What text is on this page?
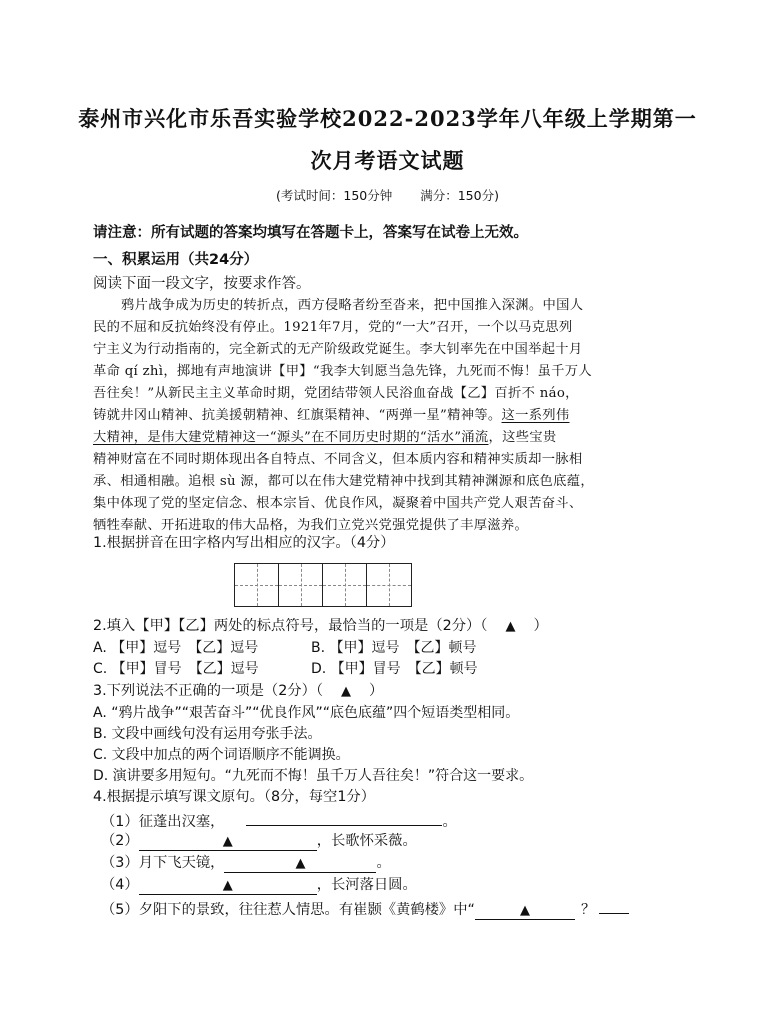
泰州市兴化市乐吾实验学校2022-2023学年八年级上学期第一
次月考语文试题
(考试时间：150分钟 满分：150分)
请注意：所有试题的答案均填写在答题卡上，答案写在试卷上无效。
一、积累运用（共24分）
阅读下面一段文字，按要求作答。
鸦片战争成为历史的转折点，西方侵略者纷至沓来，把中国推入深渊。中国人
民的不屈和反抗始终没有停止。1921年7月，党的“一大”召开，一个以马克思列
宁主义为行动指南的，完全新式的无产阶级政党诞生。李大钊率先在中国举起十月
革命 qí zhì，掷地有声地演讲【甲】“我李大钊愿当急先锋，九死而不悔！虽千万人
吾往矣！”从新民主主义革命时期，党团结带领人民浴血奋战【乙】百折不 náo，
铸就井冈山精神、抗美援朝精神、红旗渠精神、“两弹一星”精神等。这一系列伟
大精神，是伟大建党精神这一“源头”在不同历史时期的“活水”涌流，这些宝贵
精神财富在不同时期体现出各自特点、不同含义，但本质内容和精神实质却一脉相
承、相通相融。追根 sù 源，都可以在伟大建党精神中找到其精神渊源和底色底蕴，
集中体现了党的坚定信念、根本宗旨、优良作风，凝聚着中国共产党人艰苦奋斗、
牺牲奉献、开拓进取的伟大品格，为我们立党兴党强党提供了丰厚滋养。
1.根据拼音在田字格内写出相应的汉字。（4分）
2.填入【甲】【乙】两处的标点符号，最恰当的一项是（2分）（ ▲ ）
A. 【甲】逗号　【乙】逗号	B. 【甲】逗号　【乙】顿号
C. 【甲】冒号　【乙】逗号	D. 【甲】冒号　【乙】顿号
3.下列说法不正确的一项是（2分）（ ▲ ）
A. “鸦片战争”“艰苦奋斗”“优良作风”“底色底蕴”四个短语类型相同。
B. 文段中画线句没有运用夸张手法。
C. 文段中加点的两个词语顺序不能调换。
D. 演讲要多用短句。“九死而不悔！虽千万人吾往矣！”符合这一要求。
4.根据提示填写课文原句。（8分，每空1分）
（1）征蓬出汉塞，	。
（2）	▲	，长歌怀采薇。
（3）月下飞天镜，	▲	。
（4）	▲	，长河落日圆。
（5）夕阳下的景致，往往惹人情思。有崔颢《黄鹤楼》中“	▲	？
